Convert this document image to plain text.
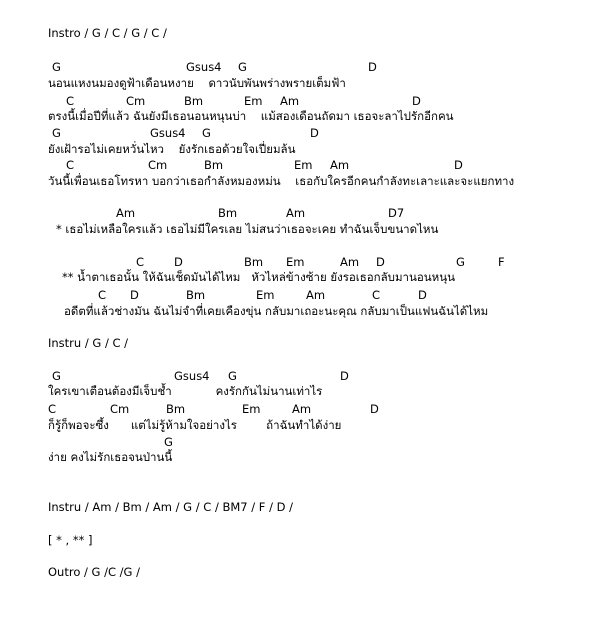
Instro / G / C / G / C /

G	Gsus4 G	D

นอนแหงนมองดูฟ้าเดือนหงาย    ดาวนับพันพร่างพรายเต็มฟ้า

C	Cm	Bm	Em Am	D

ตรงนี้เมื่อปีที่แล้ว ฉันยังมีเธอนอนหนุนบ่า    แม้สองเดือนถัดมา เธอจะลาไปรักอีกคน

G	Gsus4 G	D

ยังเฝ้ารอไม่เคยหวั่นไหว    ยังรักเธอด้วยใจเปี่ยมล้น

C	Cm	Bm	Em Am	D

วันนี้เพื่อนเธอโทรหา บอกว่าเธอกำลังหมองหม่น    เธอกับใครอีกคนกำลังทะเลาะและจะแยกทาง

Am	Bm	Am	D7

* เธอไม่เหลือใครแล้ว เธอไม่มีใครเลย ไม่สนว่าเธอจะเคย ทำฉันเจ็บขนาดไหน

C	D	Bm Em	Am D	G	F

** น้ำตาเธอนั้น ให้ฉันเช็ดมันได้ไหม   หัวไหล่ข้างซ้าย ยังรอเธอกลับมานอนหนุน

C D	Bm	Em	Am	C	D

อดีตที่แล้วช่างมัน ฉันไม่จำที่เคยเคืองขุ่น กลับมาเถอะนะคุณ กลับมาเป็นแฟนฉันได้ไหม

Instru / G / C /

G	Gsus4 G	D

ใครเขาเตือนต้องมีเจ็บช้ำ            คงรักกันไม่นานเท่าไร

C	Cm	Bm	Em	Am	D

ก็รู้ก็พอจะซึ้ง      แต่ไม่รู้ห้ามใจอย่างไร        ถ้าฉันทำได้ง่าย

G

ง่าย คงไม่รักเธอจนป่านนี้

Instru / Am / Bm / Am / G / C / BM7 / F / D /

[ * , ** ]

Outro / G /C /G /
